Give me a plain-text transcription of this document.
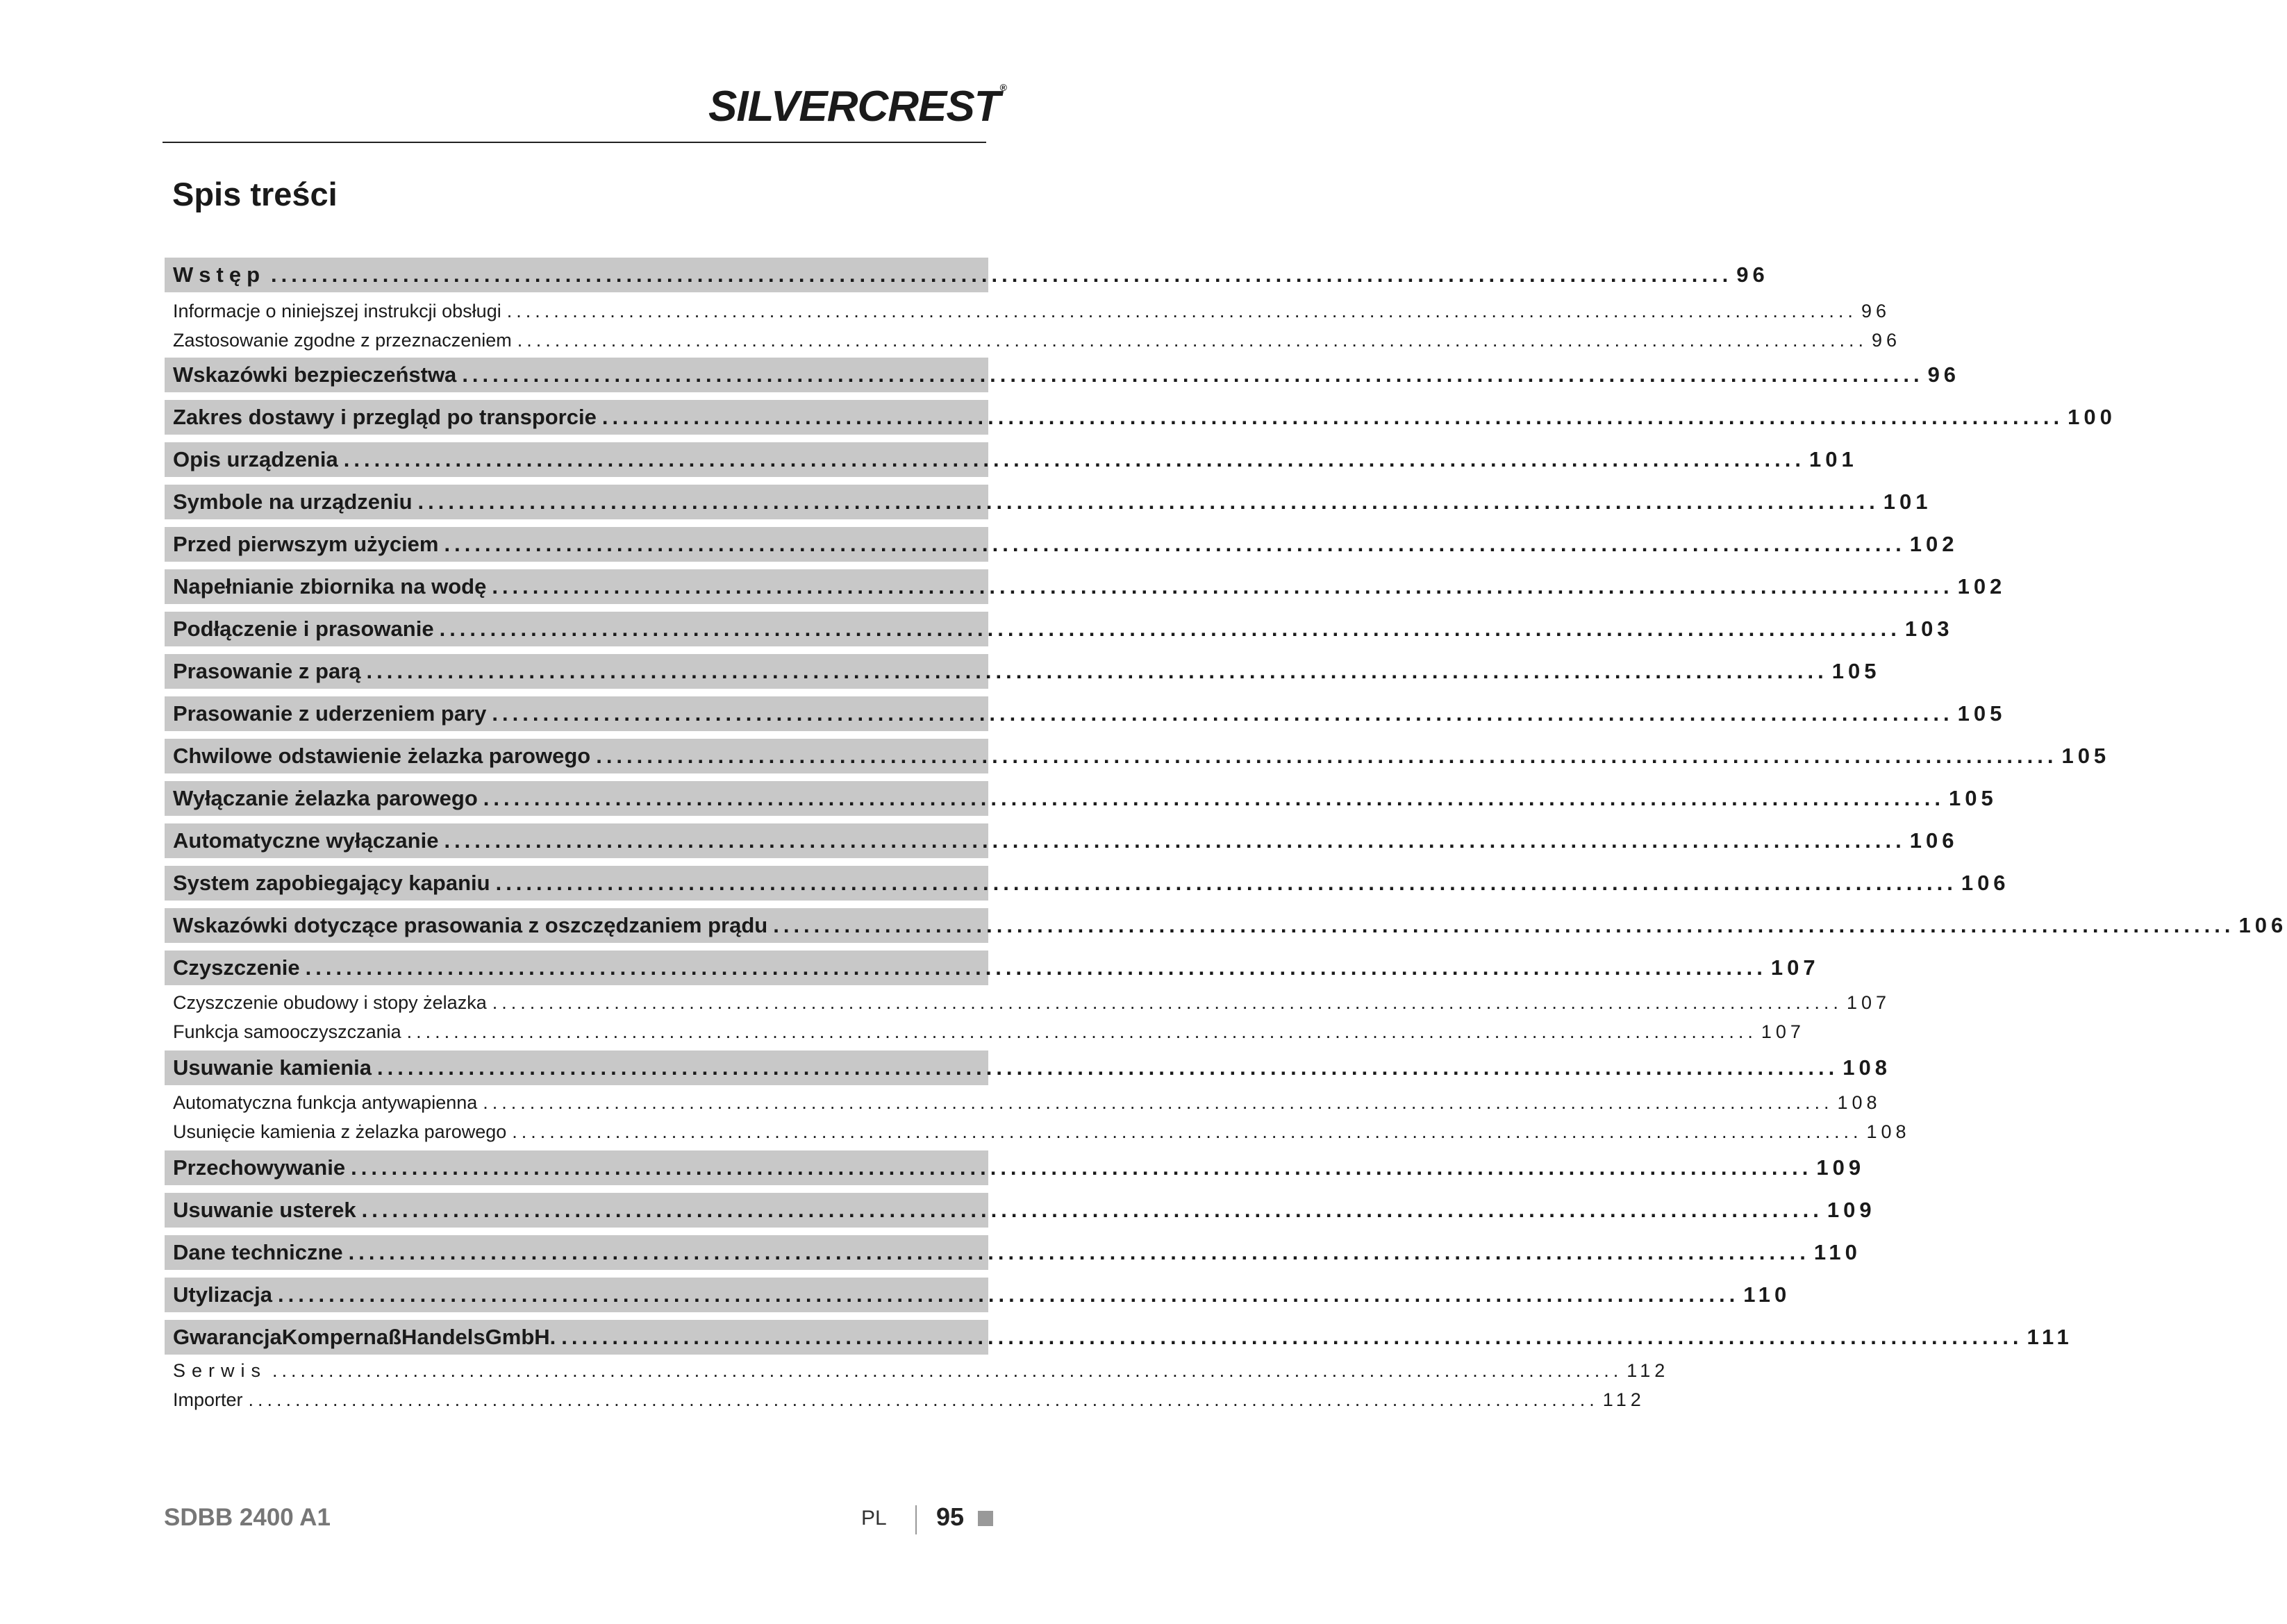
SILVERCREST®
Spis treści
Wstęp ................................................................................................................................................ 96
Informacje o niniejszej instrukcji obsługi ................................................................................................................................................ 96
Zastosowanie zgodne z przeznaczeniem ................................................................................................................................................ 96
Wskazówki bezpieczeństwa ................................................................................................................................................ 96
Zakres dostawy i przegląd po transporcie ................................................................................................................................................ 100
Opis urządzenia ................................................................................................................................................ 101
Symbole na urządzeniu ................................................................................................................................................ 101
Przed pierwszym użyciem ................................................................................................................................................ 102
Napełnianie zbiornika na wodę ................................................................................................................................................ 102
Podłączenie i prasowanie ................................................................................................................................................ 103
Prasowanie z parą ................................................................................................................................................ 105
Prasowanie z uderzeniem pary ................................................................................................................................................ 105
Chwilowe odstawienie żelazka parowego ................................................................................................................................................ 105
Wyłączanie żelazka parowego ................................................................................................................................................ 105
Automatyczne wyłączanie ................................................................................................................................................ 106
System zapobiegający kapaniu ................................................................................................................................................ 106
Wskazówki dotyczące prasowania z oszczędzaniem prądu ................................................................................................................................................ 106
Czyszczenie ................................................................................................................................................ 107
Czyszczenie obudowy i stopy żelazka ................................................................................................................................................ 107
Funkcja samooczyszczania ................................................................................................................................................ 107
Usuwanie kamienia ................................................................................................................................................ 108
Automatyczna funkcja antywapienna ................................................................................................................................................ 108
Usunięcie kamienia z żelazka parowego ................................................................................................................................................ 108
Przechowywanie ................................................................................................................................................ 109
Usuwanie usterek ................................................................................................................................................ 109
Dane techniczne ................................................................................................................................................ 110
Utylizacja ................................................................................................................................................ 110
GwarancjaKompernaßHandelsGmbH. ................................................................................................................................................ 111
Serwis ................................................................................................................................................ 112
Importer ................................................................................................................................................ 112
SDBB 2400 A1	PL 95
